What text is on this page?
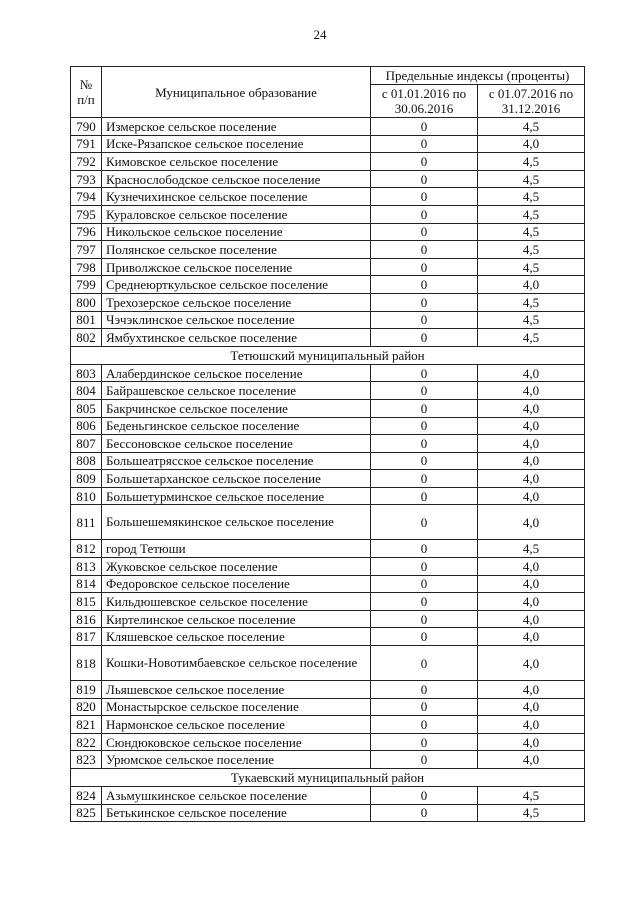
24
№ п/п	Муниципальное образование	Предельные индексы (проценты)	
		с 01.01.2016 по 30.06.2016	с 01.07.2016 по 31.12.2016
790	Измерское сельское поселение	0	4,5
791	Иске-Рязапское сельское поселение	0	4,0
792	Кимовское сельское поселение	0	4,5
793	Краснослободское сельское поселение	0	4,5
794	Кузнечихинское сельское поселение	0	4,5
795	Кураловское сельское поселение	0	4,5
796	Никольское сельское поселение	0	4,5
797	Полянское сельское поселение	0	4,5
798	Приволжское сельское поселение	0	4,5
799	Среднеюрткульское сельское поселение	0	4,0
800	Трехозерское сельское поселение	0	4,5
801	Чэчэклинское сельское поселение	0	4,5
802	Ямбухтинское сельское поселение	0	4,5
Тетюшский муниципальный район			
803	Алабердинское сельское поселение	0	4,0
804	Байрашевское сельское поселение	0	4,0
805	Бакрчинское сельское поселение	0	4,0
806	Беденьгинское сельское поселение	0	4,0
807	Бессоновское сельское поселение	0	4,0
808	Большеатрясское сельское поселение	0	4,0
809	Большетарханское сельское поселение	0	4,0
810	Большетурминское сельское поселение	0	4,0
811	Большешемякинское сельское поселение	0	4,0
812	город Тетюши	0	4,5
813	Жуковское сельское поселение	0	4,0
814	Федоровское сельское поселение	0	4,0
815	Кильдюшевское сельское поселение	0	4,0
816	Киртелинское сельское поселение	0	4,0
817	Кляшевское сельское поселение	0	4,0
818	Кошки-Новотимбаевское сельское поселение	0	4,0
819	Льяшевское сельское поселение	0	4,0
820	Монастырское сельское поселение	0	4,0
821	Нармонское сельское поселение	0	4,0
822	Сюндюковское сельское поселение	0	4,0
823	Урюмское сельское поселение	0	4,0
Тукаевский муниципальный район			
824	Азьмушкинское сельское поселение	0	4,5
825	Бетькинское сельское поселение	0	4,5
